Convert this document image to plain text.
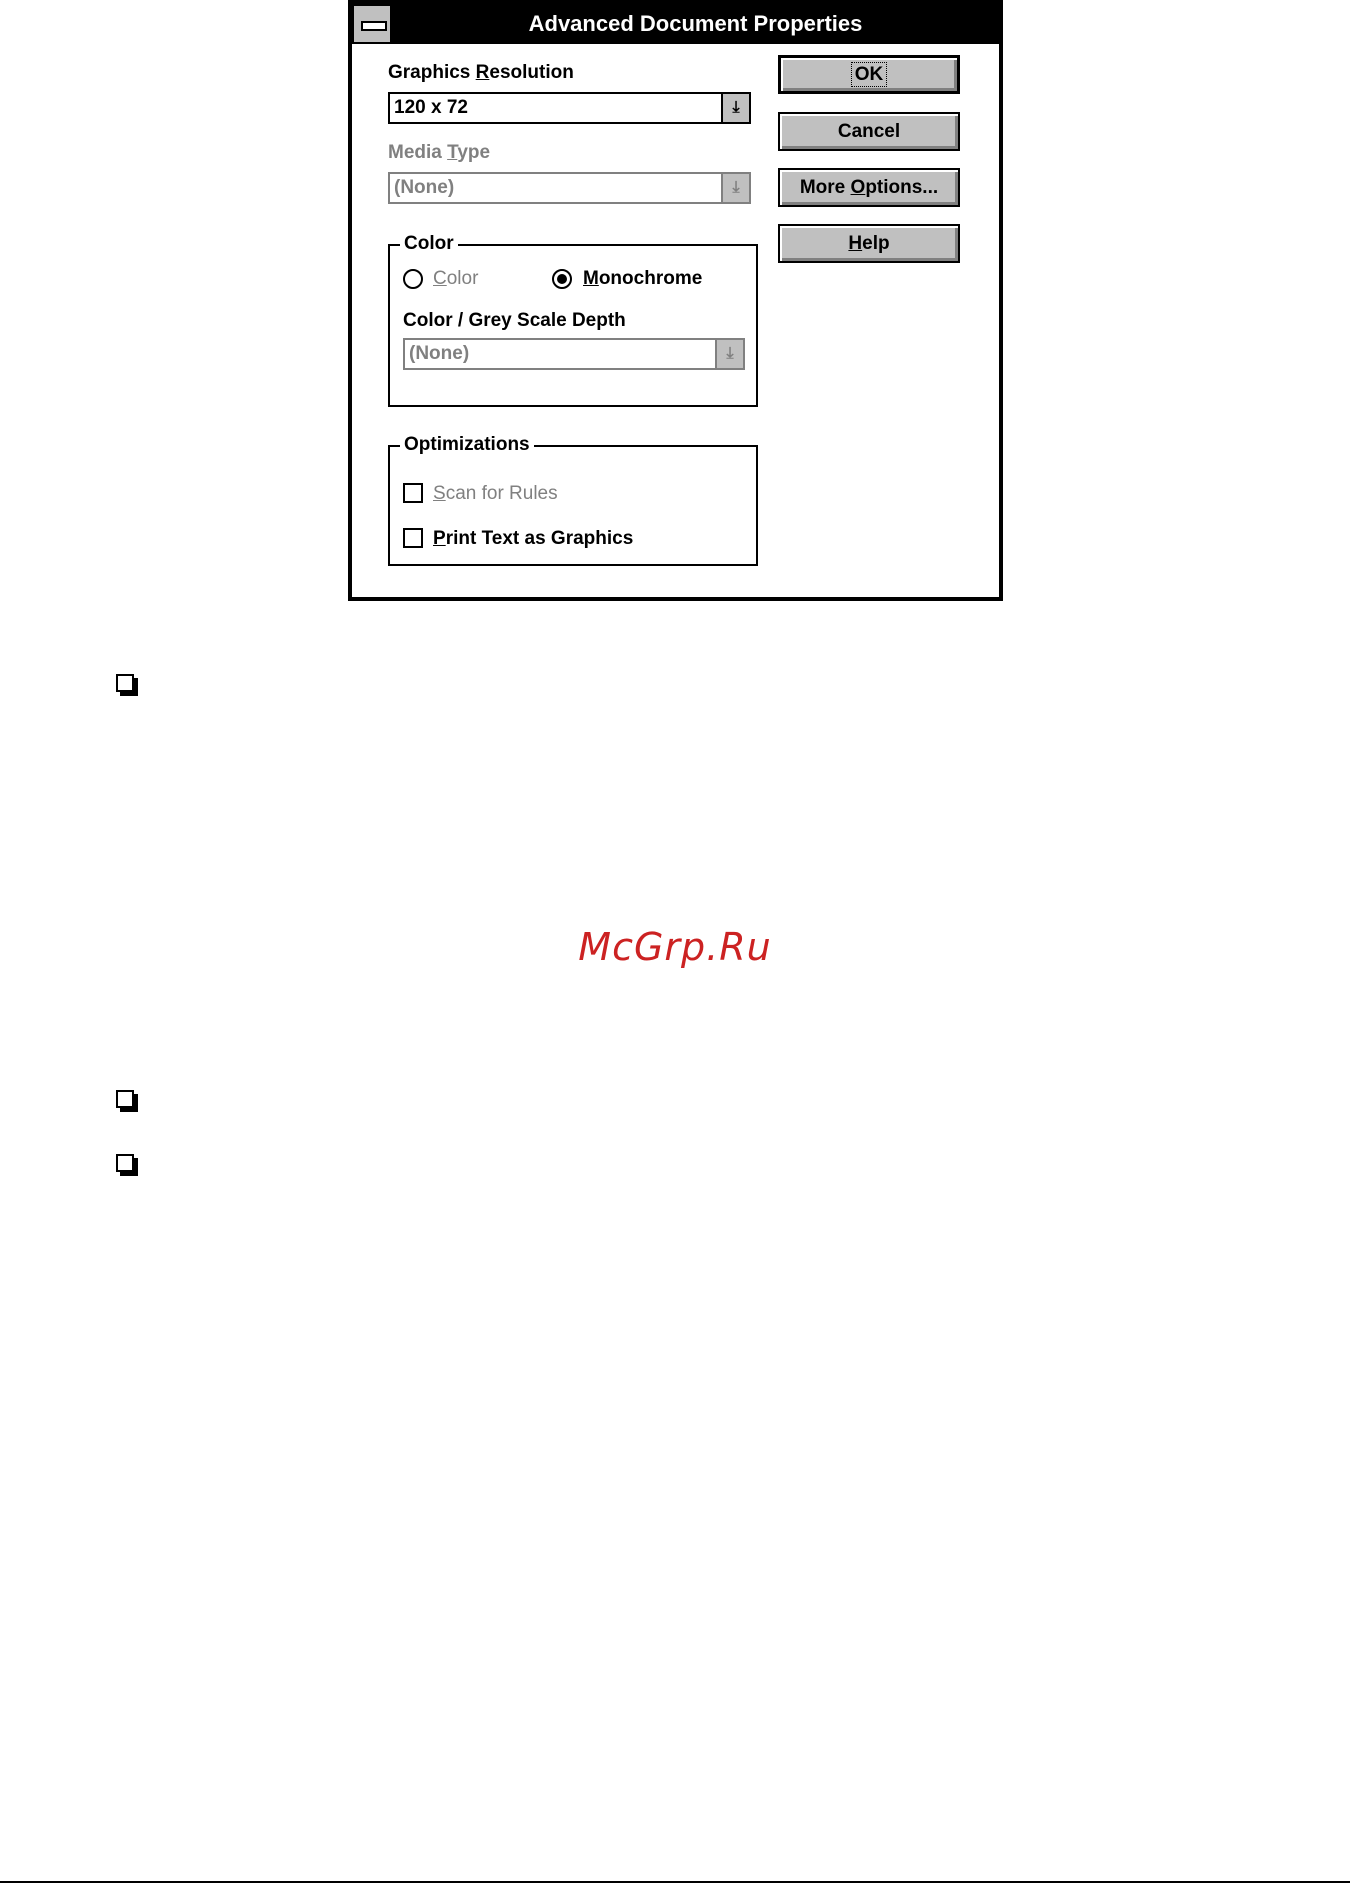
Advanced Document Properties
Graphics Resolution
120 x 72	⤓
Media Type
(None)	⤓
Color
Color	Monochrome
Color / Grey Scale Depth
(None)	⤓
Optimizations
Scan for Rules
Print Text as Graphics
OK
Cancel
More Options...
Help
McGrp.Ru
